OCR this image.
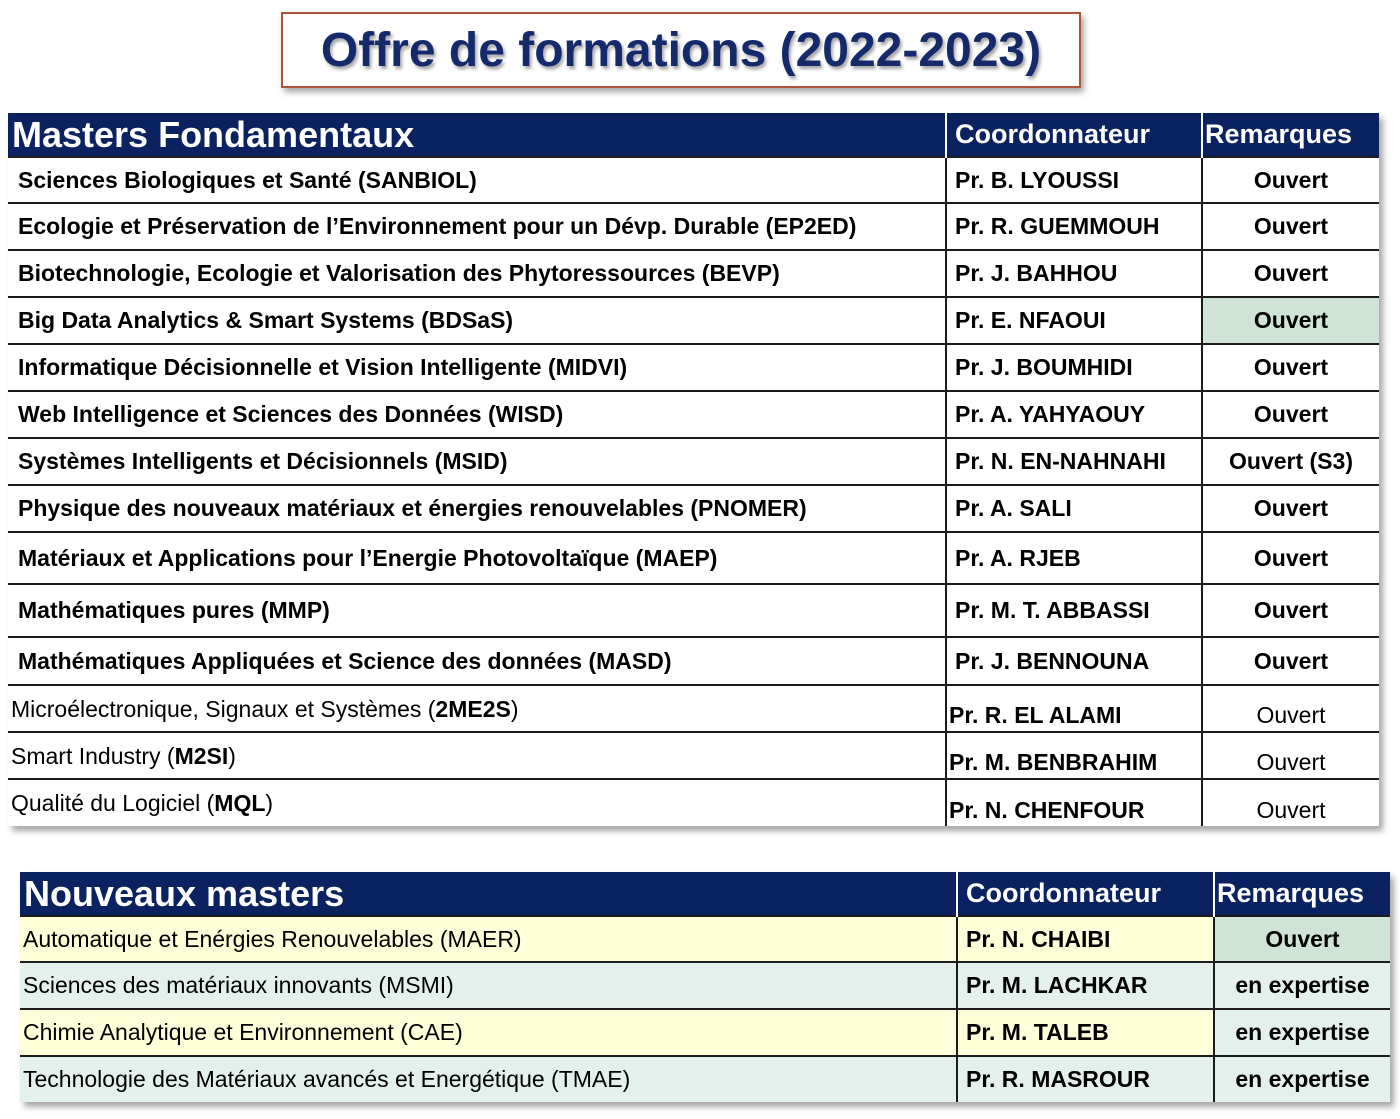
Offre de formations (2022-2023)
Masters Fondamentaux	Coordonnateur	Remarques
Sciences Biologiques et Santé (SANBIOL)	Pr. B. LYOUSSI	Ouvert
Ecologie et Préservation de l’Environnement pour un Dévp. Durable (EP2ED)	Pr. R. GUEMMOUH	Ouvert
Biotechnologie, Ecologie et Valorisation des Phytoressources (BEVP)	Pr. J. BAHHOU	Ouvert
Big Data Analytics & Smart Systems (BDSaS)	Pr. E. NFAOUI	Ouvert
Informatique Décisionnelle et Vision Intelligente (MIDVI)	Pr. J. BOUMHIDI	Ouvert
Web Intelligence et Sciences des Données (WISD)	Pr. A. YAHYAOUY	Ouvert
Systèmes Intelligents et Décisionnels (MSID)	Pr. N. EN-NAHNAHI	Ouvert (S3)
Physique des nouveaux matériaux et énergies renouvelables (PNOMER)	Pr. A. SALI	Ouvert
Matériaux et Applications pour l’Energie Photovoltaïque (MAEP)	Pr. A. RJEB	Ouvert
Mathématiques pures (MMP)	Pr. M. T. ABBASSI	Ouvert
Mathématiques Appliquées et Science des données (MASD)	Pr. J. BENNOUNA	Ouvert
Microélectronique, Signaux et Systèmes (2ME2S)	Pr. R. EL ALAMI	Ouvert
Smart Industry (M2SI)	Pr. M. BENBRAHIM	Ouvert
Qualité du Logiciel (MQL)	Pr. N. CHENFOUR	Ouvert
Nouveaux masters	Coordonnateur	Remarques
Automatique et Enérgies Renouvelables (MAER)	Pr. N. CHAIBI	Ouvert
Sciences des matériaux innovants (MSMI)	Pr. M. LACHKAR	en expertise
Chimie Analytique et Environnement (CAE)	Pr. M. TALEB	en expertise
Technologie des Matériaux avancés et Energétique (TMAE)	Pr. R. MASROUR	en expertise
